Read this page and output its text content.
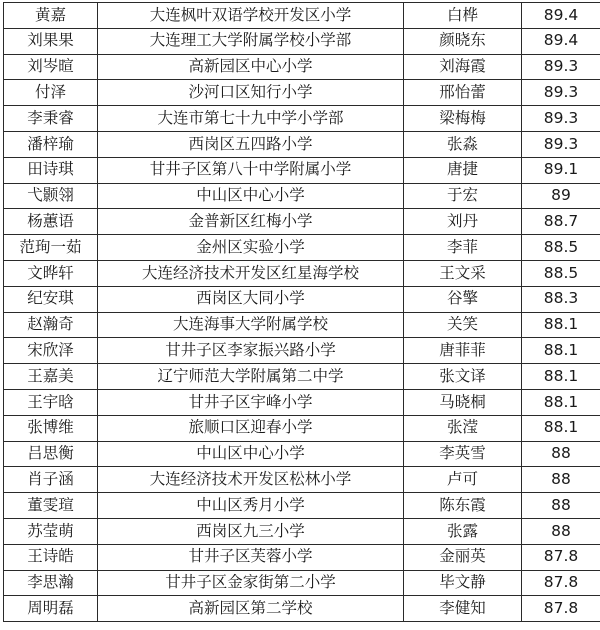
黄嘉	大连枫叶双语学校开发区小学	白桦	89.4
刘果果	大连理工大学附属学校小学部	颜晓东	89.4
刘岑暄	高新园区中心小学	刘海霞	89.3
付泽	沙河口区知行小学	邢怡蕾	89.3
李秉睿	大连市第七十九中学小学部	梁梅梅	89.3
潘梓瑜	西岗区五四路小学	张淼	89.3
田诗琪	甘井子区第八十中学附属小学	唐捷	89.1
弋颢翎	中山区中心小学	于宏	89
杨蕙语	金普新区红梅小学	刘丹	88.7
范珣一茹	金州区实验小学	李菲	88.5
文晔轩	大连经济技术开发区红星海学校	王文采	88.5
纪安琪	西岗区大同小学	谷擎	88.3
赵瀚奇	大连海事大学附属学校	关笑	88.1
宋欣泽	甘井子区李家振兴路小学	唐菲菲	88.1
王嘉美	辽宁师范大学附属第二中学	张文译	88.1
王宇晗	甘井子区宇峰小学	马晓桐	88.1
张博维	旅顺口区迎春小学	张滢	88.1
吕思衡	中山区中心小学	李英雪	88
肖子涵	大连经济技术开发区松林小学	卢可	88
董雯瑄	中山区秀月小学	陈东霞	88
苏莹萌	西岗区九三小学	张露	88
王诗皓	甘井子区芙蓉小学	金丽英	87.8
李思瀚	甘井子区金家街第二小学	毕文静	87.8
周明磊	高新园区第二学校	李健知	87.8
